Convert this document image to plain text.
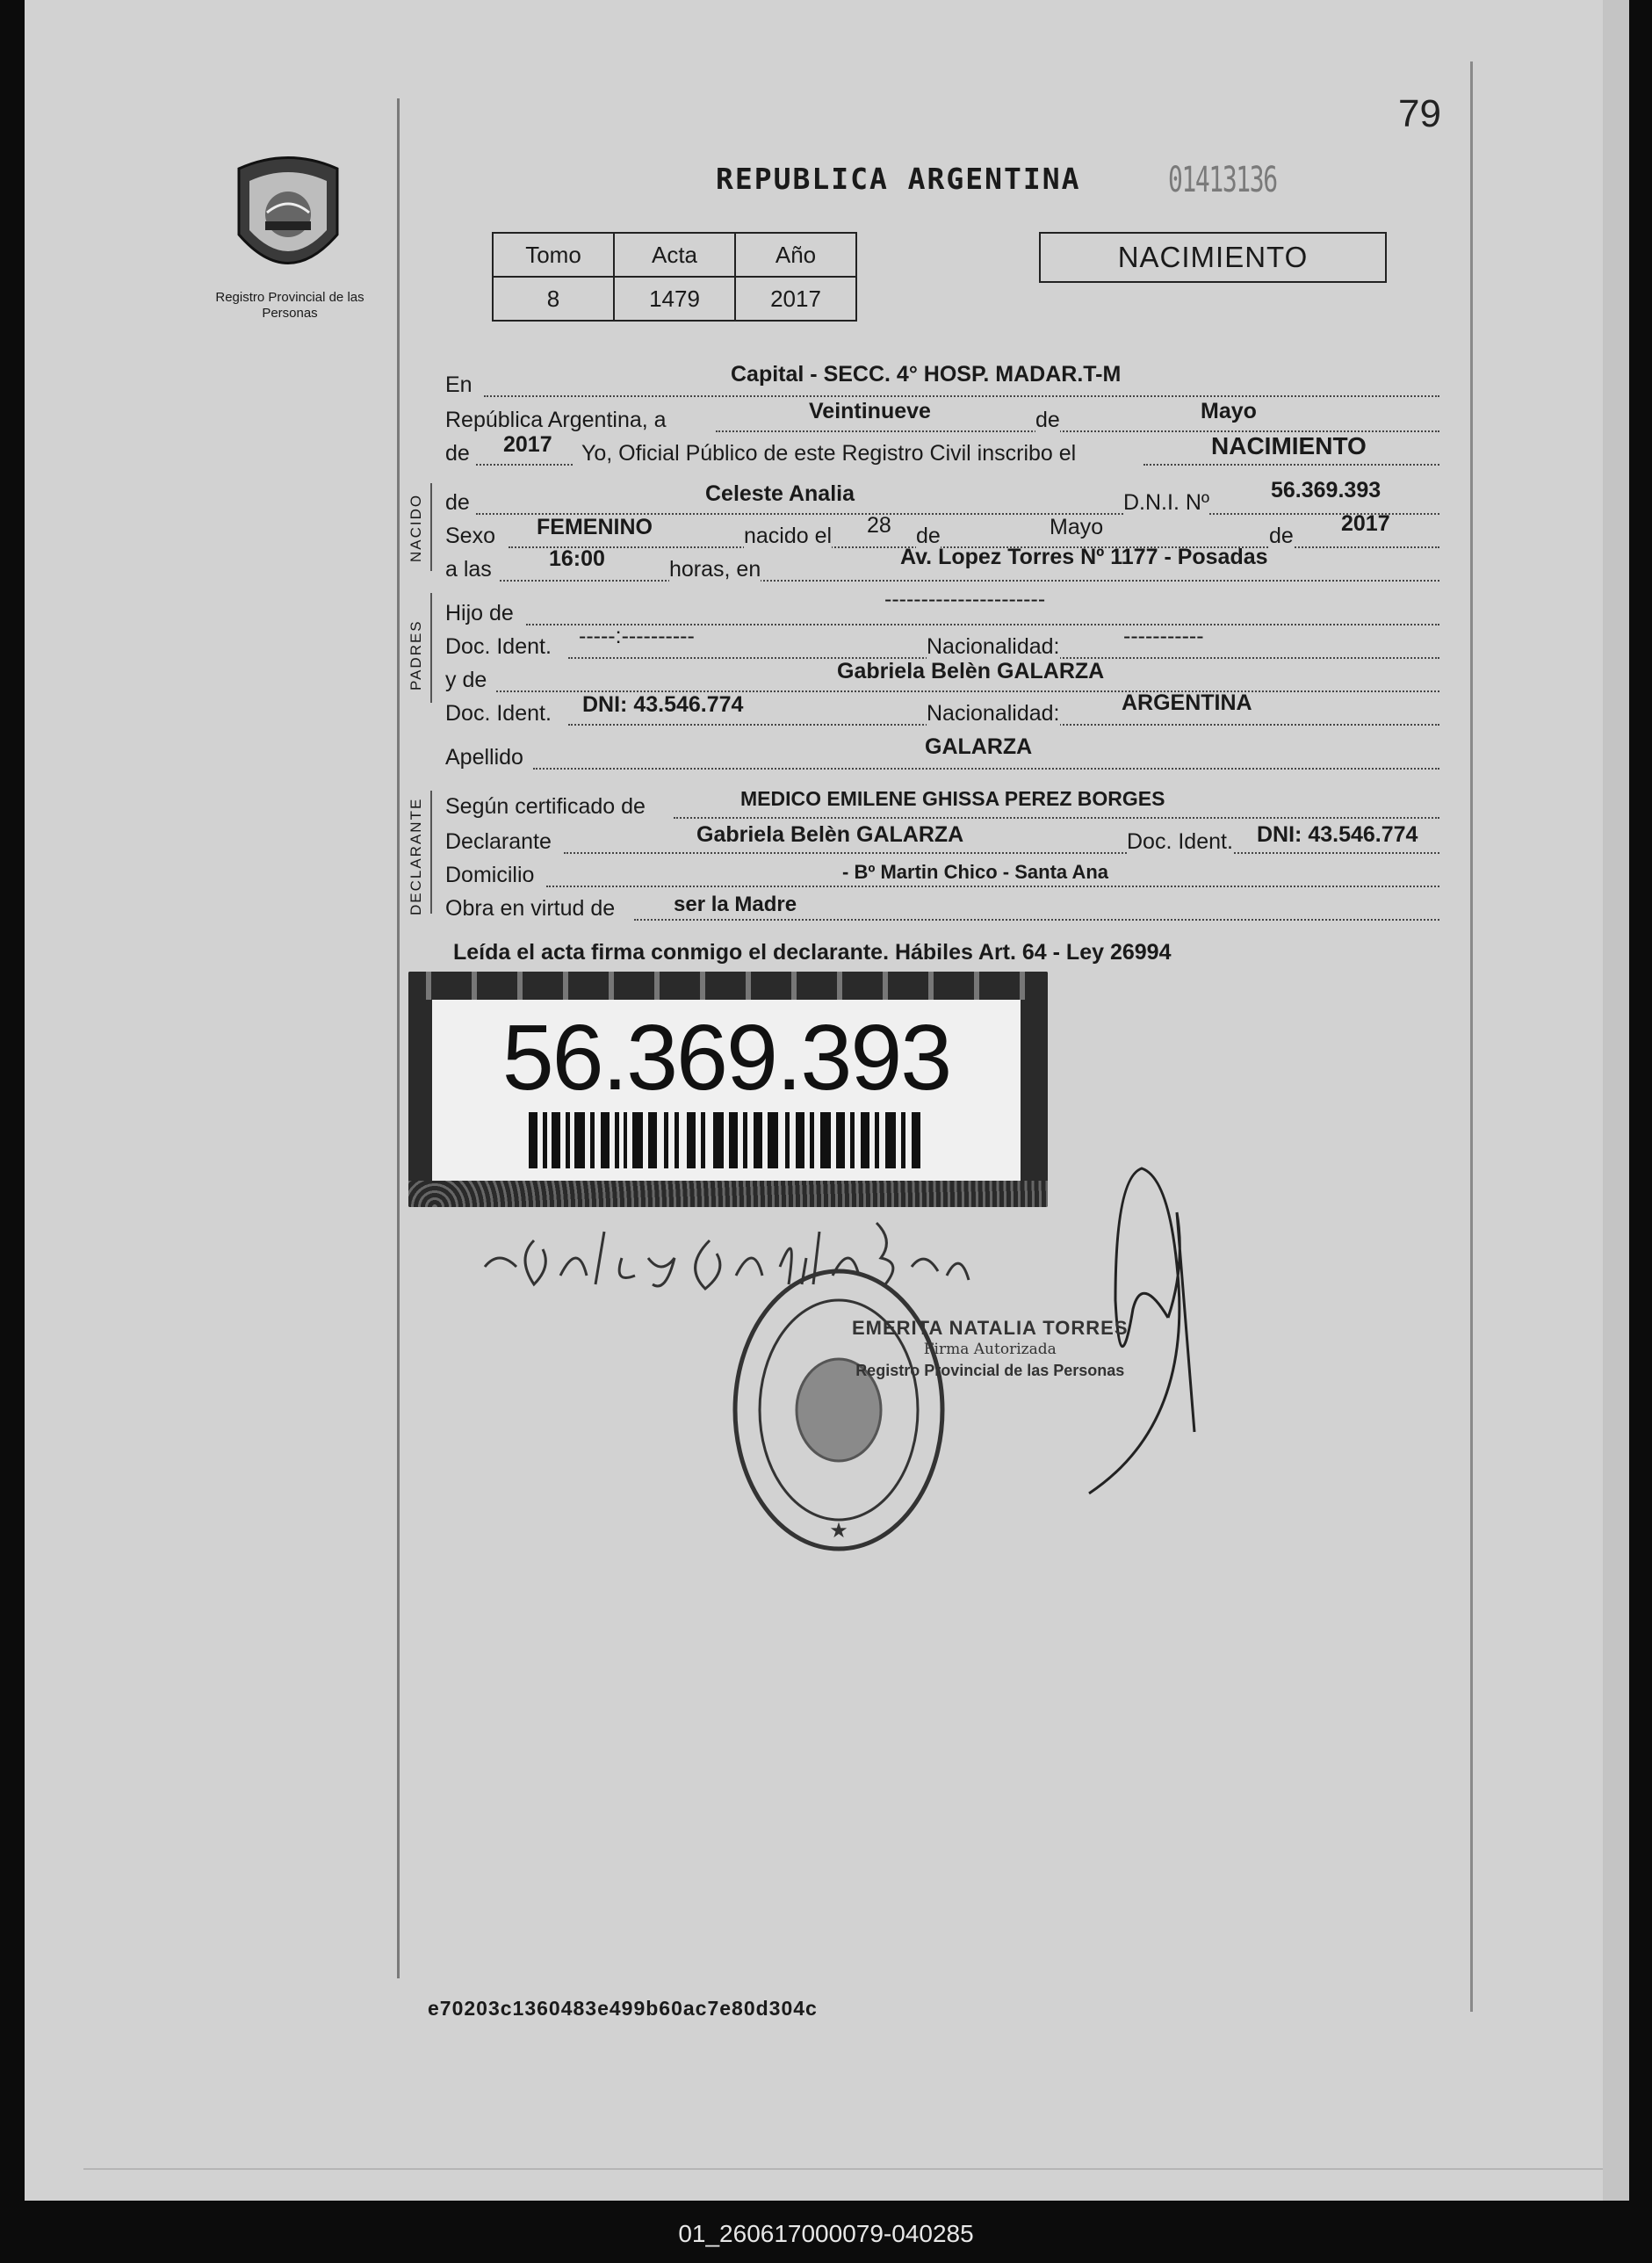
79
Registro Provincial de las Personas
REPUBLICA ARGENTINA 01413136
Tomo	Acta	Año
8	1479	2017
NACIMIENTO
En	Capital - SECC. 4° HOSP. MADAR.T-M
República Argentina, a	Veintinueve	de	Mayo
de 2017 Yo, Oficial Público de este Registro Civil inscribo el	NACIMIENTO
NACIDO de	Celeste Analia	D.N.I. Nº	56.369.393
Sexo FEMENINO	nacido el 28 de	Mayo	de 2017
a las	16:00	horas, en	Av. Lopez Torres Nº 1177 - Posadas
PADRES
Hijo de
----------------------
Doc. Ident. -----:----------	Nacionalidad:	-----------
y de	Gabriela Belèn GALARZA
Doc. Ident. DNI: 43.546.774	Nacionalidad:	ARGENTINA
Apellido	GALARZA
DECLARANTE Según certificado de	MEDICO EMILENE GHISSA PEREZ BORGES
Declarante	Gabriela Belèn GALARZA	Doc. Ident. DNI: 43.546.774
Domicilio	- Bº Martin Chico - Santa Ana
Obra en virtud de	ser la Madre
Leída el acta firma conmigo el declarante. Hábiles Art. 64 - Ley 26994
56.369.393
★
EMERITA NATALIA TORRES
Firma Autorizada
Registro Provincial de las Personas
e70203c1360483e499b60ac7e80d304c
01_260617000079-040285
